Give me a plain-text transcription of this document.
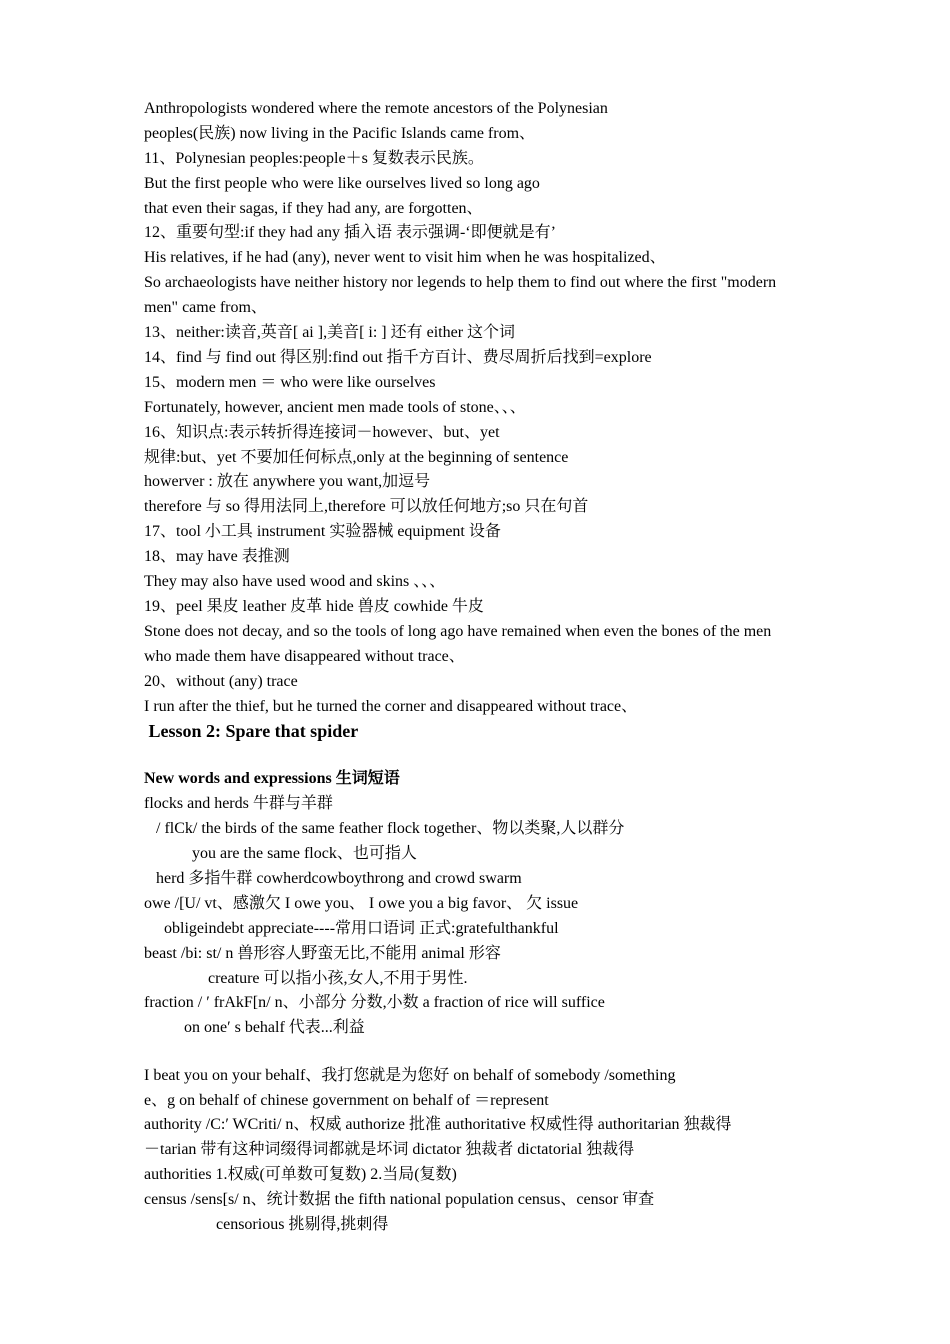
Anthropologists wondered where the remote ancestors of the Polynesian
peoples(民族) now living in the Pacific Islands came from、
11、Polynesian peoples:people＋s 复数表示民族。
But the first people who were like ourselves lived so long ago
that even their sagas, if they had any, are forgotten、
12、重要句型:if they had any 插入语 表示强调-‘即便就是有’
His relatives, if he had (any), never went to visit him when he was hospitalized、
So archaeologists have neither history nor legends to help them to find out where the first "modern
men" came from、
13、neither:读音,英音[ ai ],美音[ i: ] 还有 either 这个词
14、find 与 find out 得区别:find out 指千方百计、费尽周折后找到=explore
15、modern men ＝ who were like ourselves
Fortunately, however, ancient men made tools of stone、、、
16、知识点:表示转折得连接词－however、but、yet
规律:but、yet 不要加任何标点,only at the beginning of sentence
howerver : 放在 anywhere you want,加逗号
therefore 与 so 得用法同上,therefore 可以放任何地方;so 只在句首
17、tool 小工具 instrument 实验器械 equipment 设备
18、may have 表推测
They may also have used wood and skins 、、、
19、peel 果皮 leather 皮革 hide 兽皮 cowhide 牛皮
Stone does not decay, and so the tools of long ago have remained when even the bones of the men
who made them have disappeared without trace、
20、without (any) trace
I run after the thief, but he turned the corner and disappeared without trace、
Lesson 2: Spare that spider
New words and expressions 生词短语
flocks and herds 牛群与羊群
/ flCk/ the birds of the same feather flock together、物以类聚,人以群分
you are the same flock、也可指人
herd 多指牛群 cowherdcowboythrong and crowd swarm
owe /[U/ vt、感激欠 I owe you、 I owe you a big favor、 欠 issue
obligeindebt appreciate----常用口语词 正式:gratefulthankful
beast /bi: st/ n 兽形容人野蛮无比,不能用 animal 形容
creature 可以指小孩,女人,不用于男性.
fraction / ′ frAkF[n/ n、小部分 分数,小数 a fraction of rice will suffice
on one′ s behalf 代表...利益
I beat you on your behalf、我打您就是为您好 on behalf of somebody /something
e、g on behalf of chinese government on behalf of ＝represent
authority /C:′ WCriti/ n、权威 authorize 批准 authoritative 权威性得 authoritarian 独裁得
－tarian 带有这种词缀得词都就是坏词 dictator 独裁者 dictatorial 独裁得
authorities 1.权威(可单数可复数) 2.当局(复数)
census /sens[s/ n、统计数据 the fifth national population census、censor 审查
censorious 挑剔得,挑刺得
